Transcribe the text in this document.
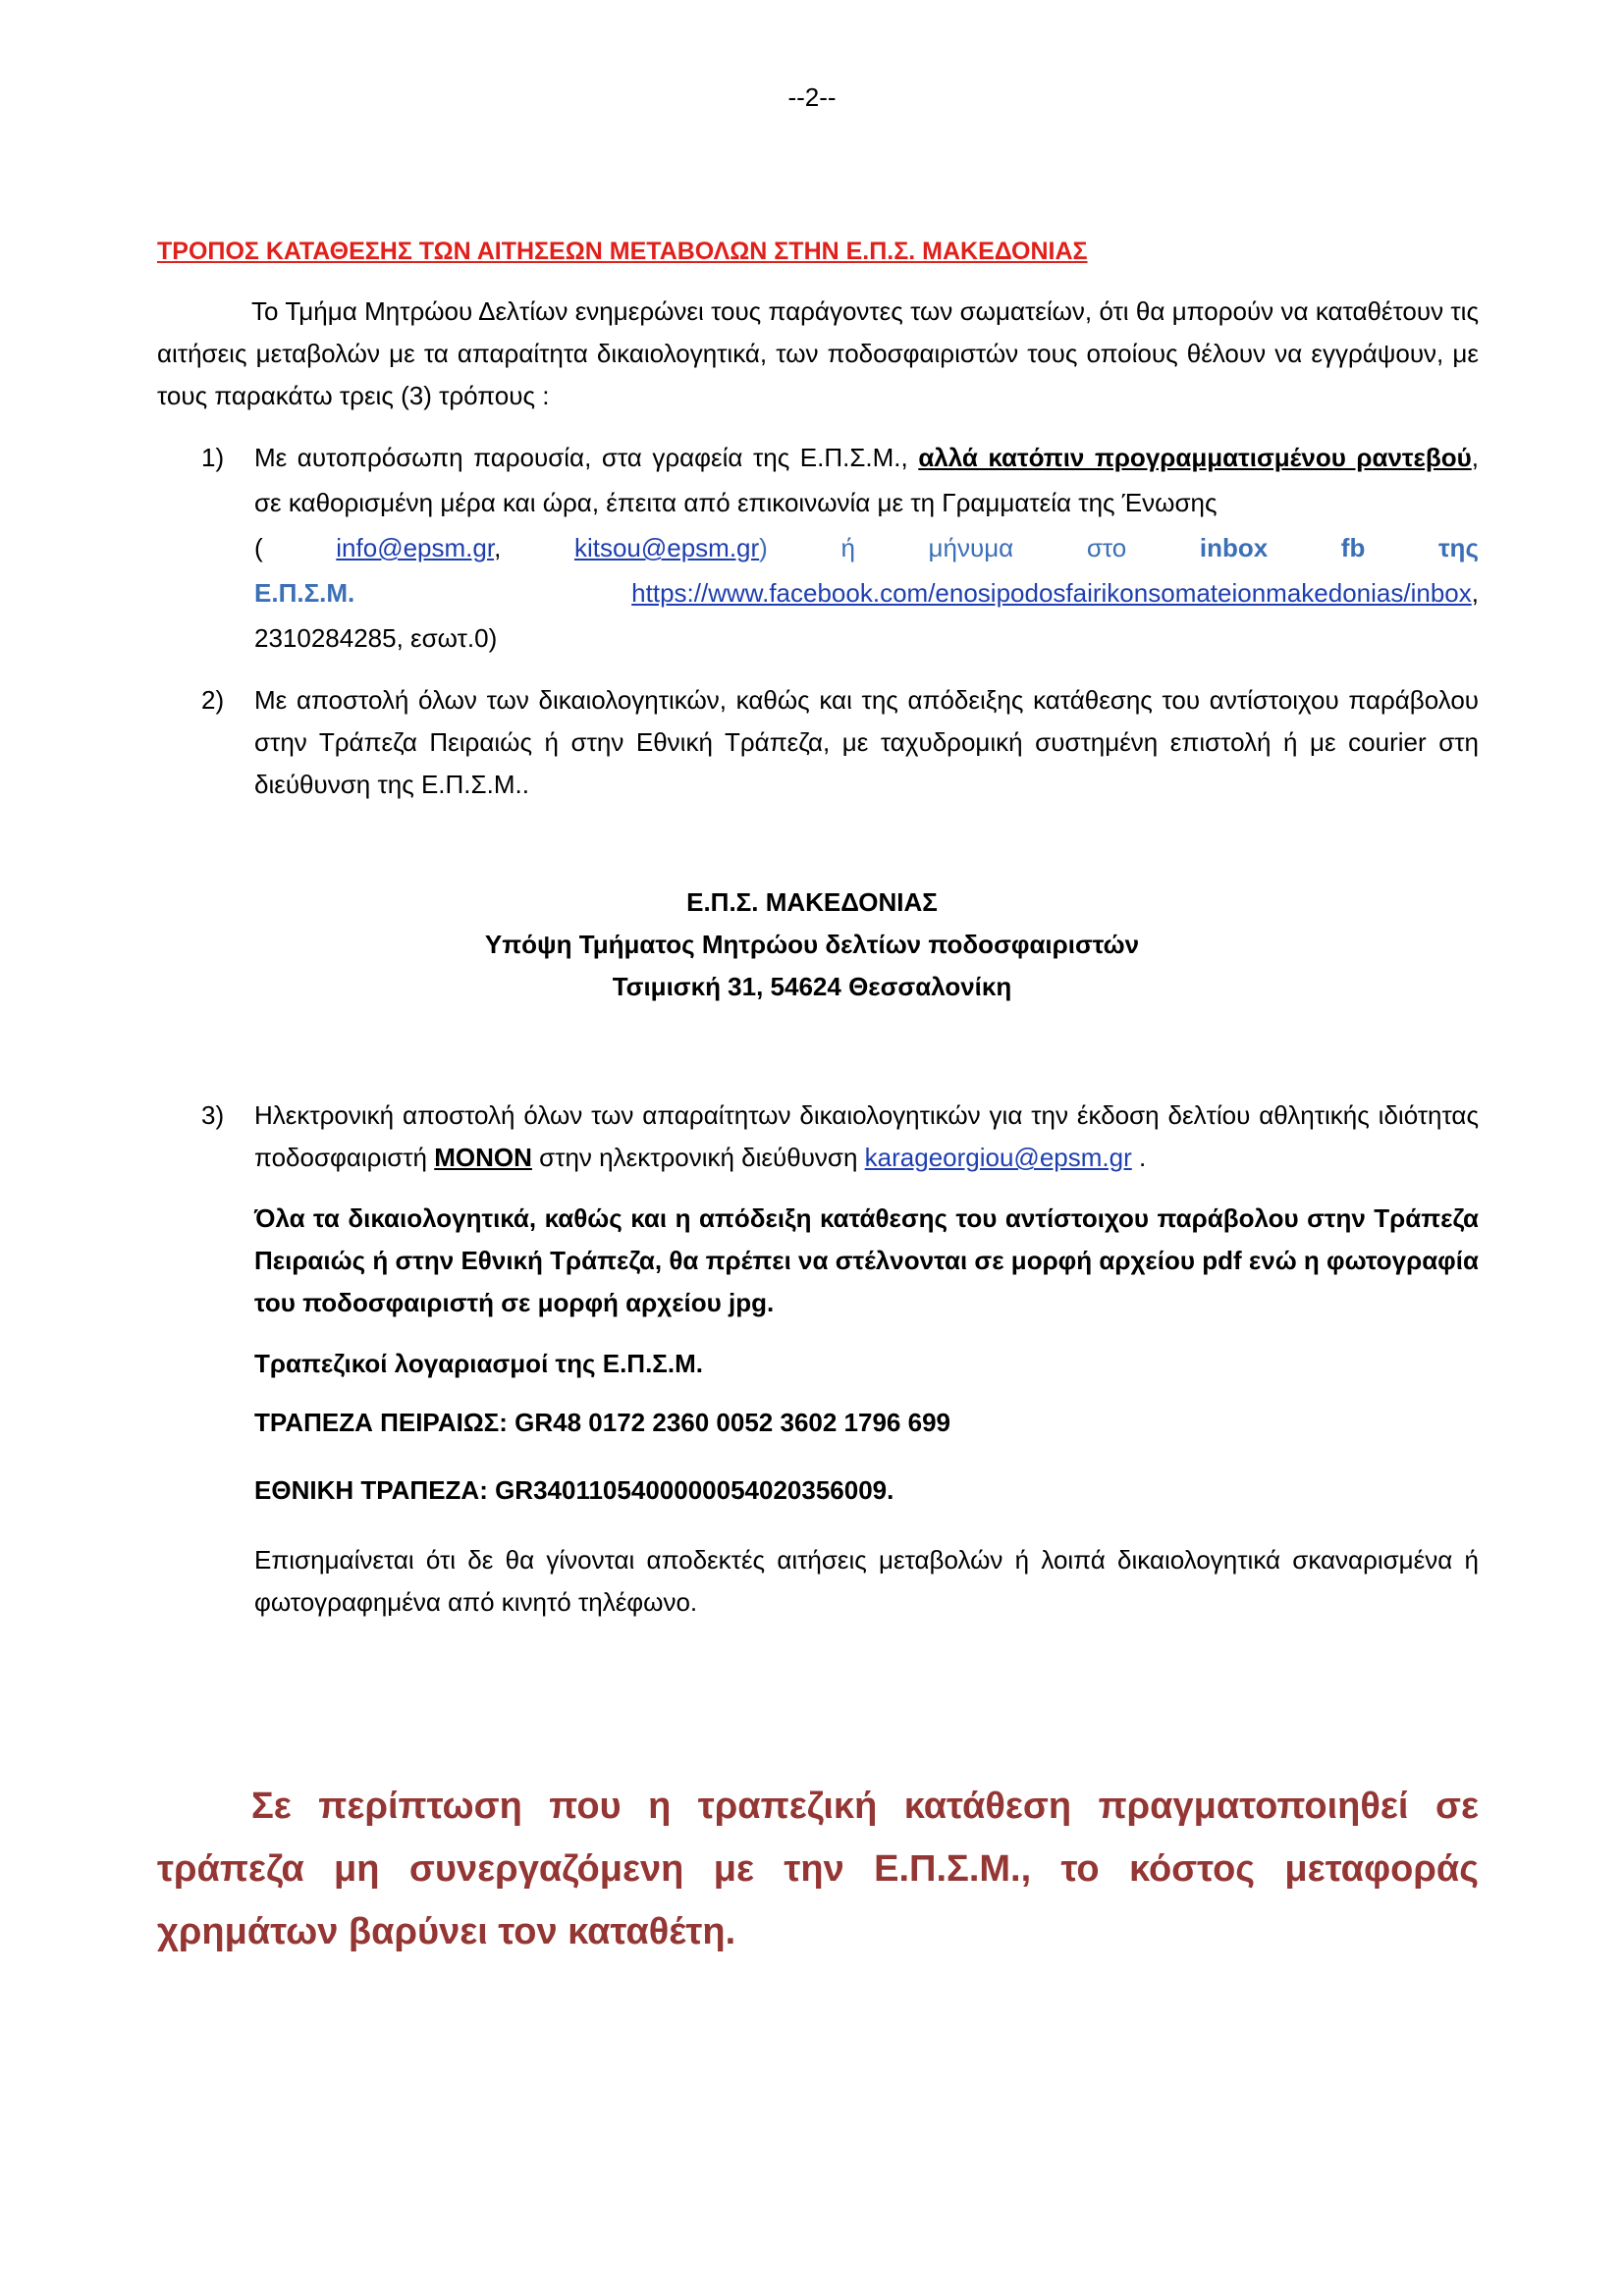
--2--
ΤΡΟΠΟΣ ΚΑΤΑΘΕΣΗΣ ΤΩΝ ΑΙΤΗΣΕΩΝ ΜΕΤΑΒΟΛΩΝ ΣΤΗΝ Ε.Π.Σ. ΜΑΚΕΔΟΝΙΑΣ
Το Τμήμα Μητρώου Δελτίων ενημερώνει τους παράγοντες των σωματείων, ότι θα μπορούν να καταθέτουν τις αιτήσεις μεταβολών με τα απαραίτητα δικαιολογητικά, των ποδοσφαιριστών τους οποίους θέλουν να εγγράψουν, με τους παρακάτω τρεις (3) τρόπους :
1) Με αυτοπρόσωπη παρουσία, στα γραφεία της Ε.Π.Σ.Μ., αλλά κατόπιν προγραμματισμένου ραντεβού, σε καθορισμένη μέρα και ώρα, έπειτα από επικοινωνία με τη Γραμματεία της Ένωσης
(	info@epsm.gr,	kitsou@epsm.gr)	ή	μήνυμα	στο	inbox	fb	της
Ε.Π.Σ.Μ.	https://www.facebook.com/enosipodosfairikonsomateionmakedonias/inbox,
2310284285, εσωτ.0)
2) Με αποστολή όλων των δικαιολογητικών, καθώς και της απόδειξης κατάθεσης του αντίστοιχου παράβολου στην Τράπεζα Πειραιώς ή στην Εθνική Τράπεζα, με ταχυδρομική συστημένη επιστολή ή με courier στη διεύθυνση της Ε.Π.Σ.Μ..
Ε.Π.Σ. ΜΑΚΕΔΟΝΙΑΣ
Υπόψη Τμήματος Μητρώου δελτίων ποδοσφαιριστών
Τσιμισκή 31, 54624 Θεσσαλονίκη
3) Ηλεκτρονική αποστολή όλων των απαραίτητων δικαιολογητικών για την έκδοση δελτίου αθλητικής ιδιότητας ποδοσφαιριστή ΜΟΝΟΝ στην ηλεκτρονική διεύθυνση karageorgiou@epsm.gr .
Όλα τα δικαιολογητικά, καθώς και η απόδειξη κατάθεσης του αντίστοιχου παράβολου στην Τράπεζα Πειραιώς ή στην Εθνική Τράπεζα, θα πρέπει να στέλνονται σε μορφή αρχείου pdf ενώ η φωτογραφία του ποδοσφαιριστή σε μορφή αρχείου jpg.
Τραπεζικοί λογαριασμοί της Ε.Π.Σ.Μ.
ΤΡΑΠΕΖΑ ΠΕΙΡΑΙΩΣ: GR48 0172 2360 0052 3602 1796 699
ΕΘΝΙΚΗ ΤΡΑΠΕΖΑ: GR3401105400000054020356009.
Επισημαίνεται ότι δε θα γίνονται αποδεκτές αιτήσεις μεταβολών ή λοιπά δικαιολογητικά σκαναρισμένα ή φωτογραφημένα από κινητό τηλέφωνο.
Σε περίπτωση που η τραπεζική κατάθεση πραγματοποιηθεί σε τράπεζα μη συνεργαζόμενη με την Ε.Π.Σ.Μ., το κόστος μεταφοράς χρημάτων βαρύνει τον καταθέτη.
